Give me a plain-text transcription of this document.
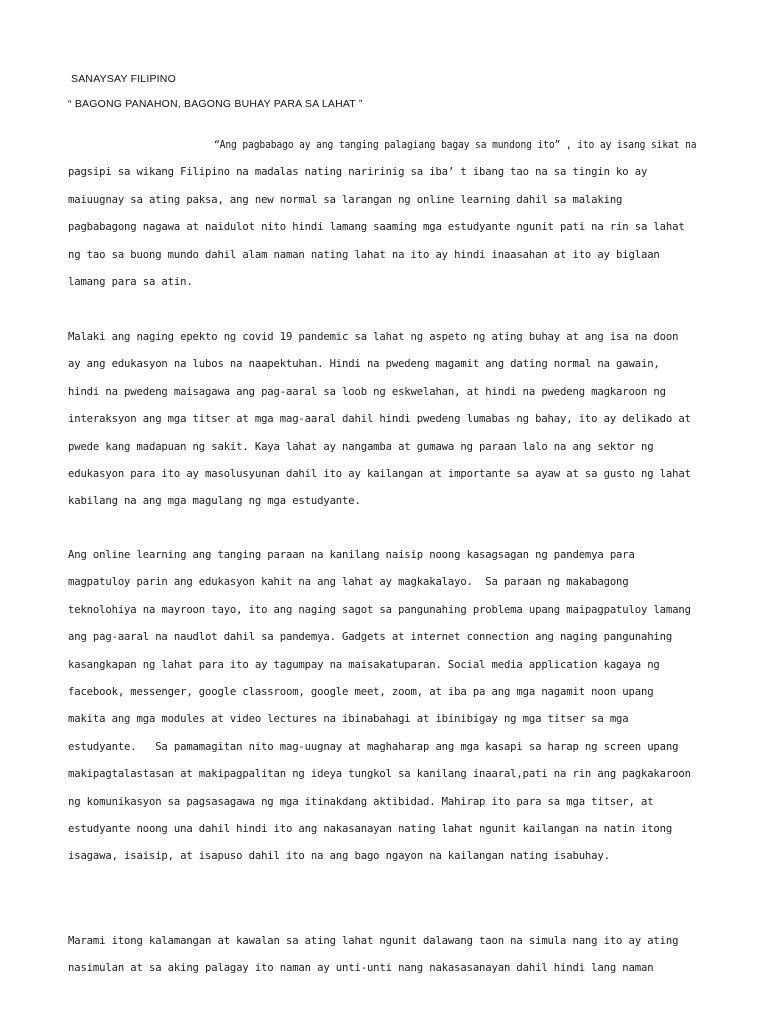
SANAYSAY FILIPINO
“ BAGONG PANAHON, BAGONG BUHAY PARA SA LAHAT ”
“Ang pagbabago ay ang tanging palagiang bagay sa mundong ito” , ito ay isang sikat na
pagsipi sa wikang Filipino na madalas nating naririnig sa iba’ t ibang tao na sa tingin ko ay
maiuugnay sa ating paksa, ang new normal sa larangan ng online learning dahil sa malaking
pagbabagong nagawa at naidulot nito hindi lamang saaming mga estudyante ngunit pati na rin sa lahat
ng tao sa buong mundo dahil alam naman nating lahat na ito ay hindi inaasahan at ito ay biglaan
lamang para sa atin.
Malaki ang naging epekto ng covid 19 pandemic sa lahat ng aspeto ng ating buhay at ang isa na doon
ay ang edukasyon na lubos na naapektuhan. Hindi na pwedeng magamit ang dating normal na gawain,
hindi na pwedeng maisagawa ang pag-aaral sa loob ng eskwelahan, at hindi na pwedeng magkaroon ng
interaksyon ang mga titser at mga mag-aaral dahil hindi pwedeng lumabas ng bahay, ito ay delikado at
pwede kang madapuan ng sakit. Kaya lahat ay nangamba at gumawa ng paraan lalo na ang sektor ng
edukasyon para ito ay masolusyunan dahil ito ay kailangan at importante sa ayaw at sa gusto ng lahat
kabilang na ang mga magulang ng mga estudyante.
Ang online learning ang tanging paraan na kanilang naisip noong kasagsagan ng pandemya para
magpatuloy parin ang edukasyon kahit na ang lahat ay magkakalayo.  Sa paraan ng makabagong
teknolohiya na mayroon tayo, ito ang naging sagot sa pangunahing problema upang maipagpatuloy lamang
ang pag-aaral na naudlot dahil sa pandemya. Gadgets at internet connection ang naging pangunahing
kasangkapan ng lahat para ito ay tagumpay na maisakatuparan. Social media application kagaya ng
facebook, messenger, google classroom, google meet, zoom, at iba pa ang mga nagamit noon upang
makita ang mga modules at video lectures na ibinabahagi at ibinibigay ng mga titser sa mga
estudyante.   Sa pamamagitan nito mag-uugnay at maghaharap ang mga kasapi sa harap ng screen upang
makipagtalastasan at makipagpalitan ng ideya tungkol sa kanilang inaaral,pati na rin ang pagkakaroon
ng komunikasyon sa pagsasagawa ng mga itinakdang aktibidad. Mahirap ito para sa mga titser, at
estudyante noong una dahil hindi ito ang nakasanayan nating lahat ngunit kailangan na natin itong
isagawa, isaisip, at isapuso dahil ito na ang bago ngayon na kailangan nating isabuhay.
Marami itong kalamangan at kawalan sa ating lahat ngunit dalawang taon na simula nang ito ay ating
nasimulan at sa aking palagay ito naman ay unti-unti nang nakasasanayan dahil hindi lang naman
